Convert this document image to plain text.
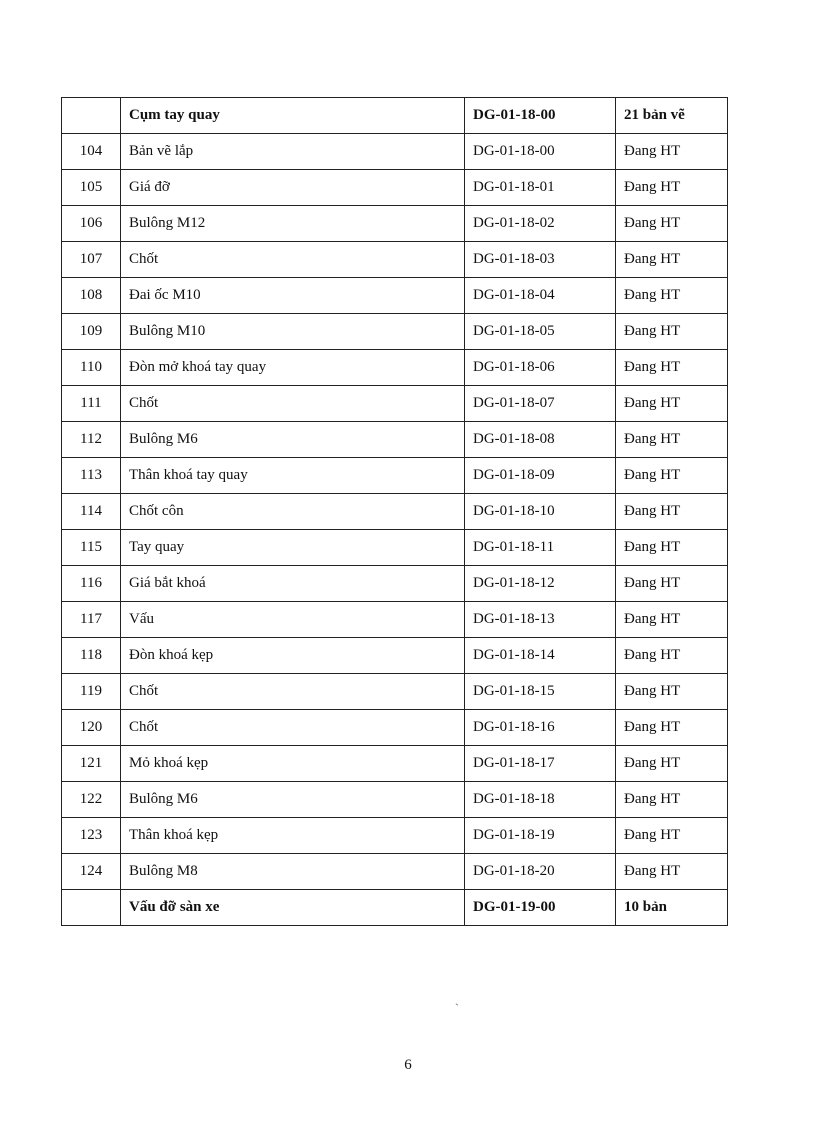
	Cụm tay quay	DG-01-18-00	21 bản vẽ
104	Bản vẽ lắp	DG-01-18-00	Đang HT
105	Giá đỡ	DG-01-18-01	Đang HT
106	Bulông M12	DG-01-18-02	Đang HT
107	Chốt	DG-01-18-03	Đang HT
108	Đai ốc M10	DG-01-18-04	Đang HT
109	Bulông M10	DG-01-18-05	Đang HT
110	Đòn mở khoá tay quay	DG-01-18-06	Đang HT
111	Chốt	DG-01-18-07	Đang HT
112	Bulông M6	DG-01-18-08	Đang HT
113	Thân khoá tay quay	DG-01-18-09	Đang HT
114	Chốt côn	DG-01-18-10	Đang HT
115	Tay quay	DG-01-18-11	Đang HT
116	Giá bắt khoá	DG-01-18-12	Đang HT
117	Vấu	DG-01-18-13	Đang HT
118	Đòn khoá kẹp	DG-01-18-14	Đang HT
119	Chốt	DG-01-18-15	Đang HT
120	Chốt	DG-01-18-16	Đang HT
121	Mỏ khoá kẹp	DG-01-18-17	Đang HT
122	Bulông M6	DG-01-18-18	Đang HT
123	Thân khoá kẹp	DG-01-18-19	Đang HT
124	Bulông M8	DG-01-18-20	Đang HT
	Vấu đỡ sàn xe	DG-01-19-00	10 bản
ˎ
6
